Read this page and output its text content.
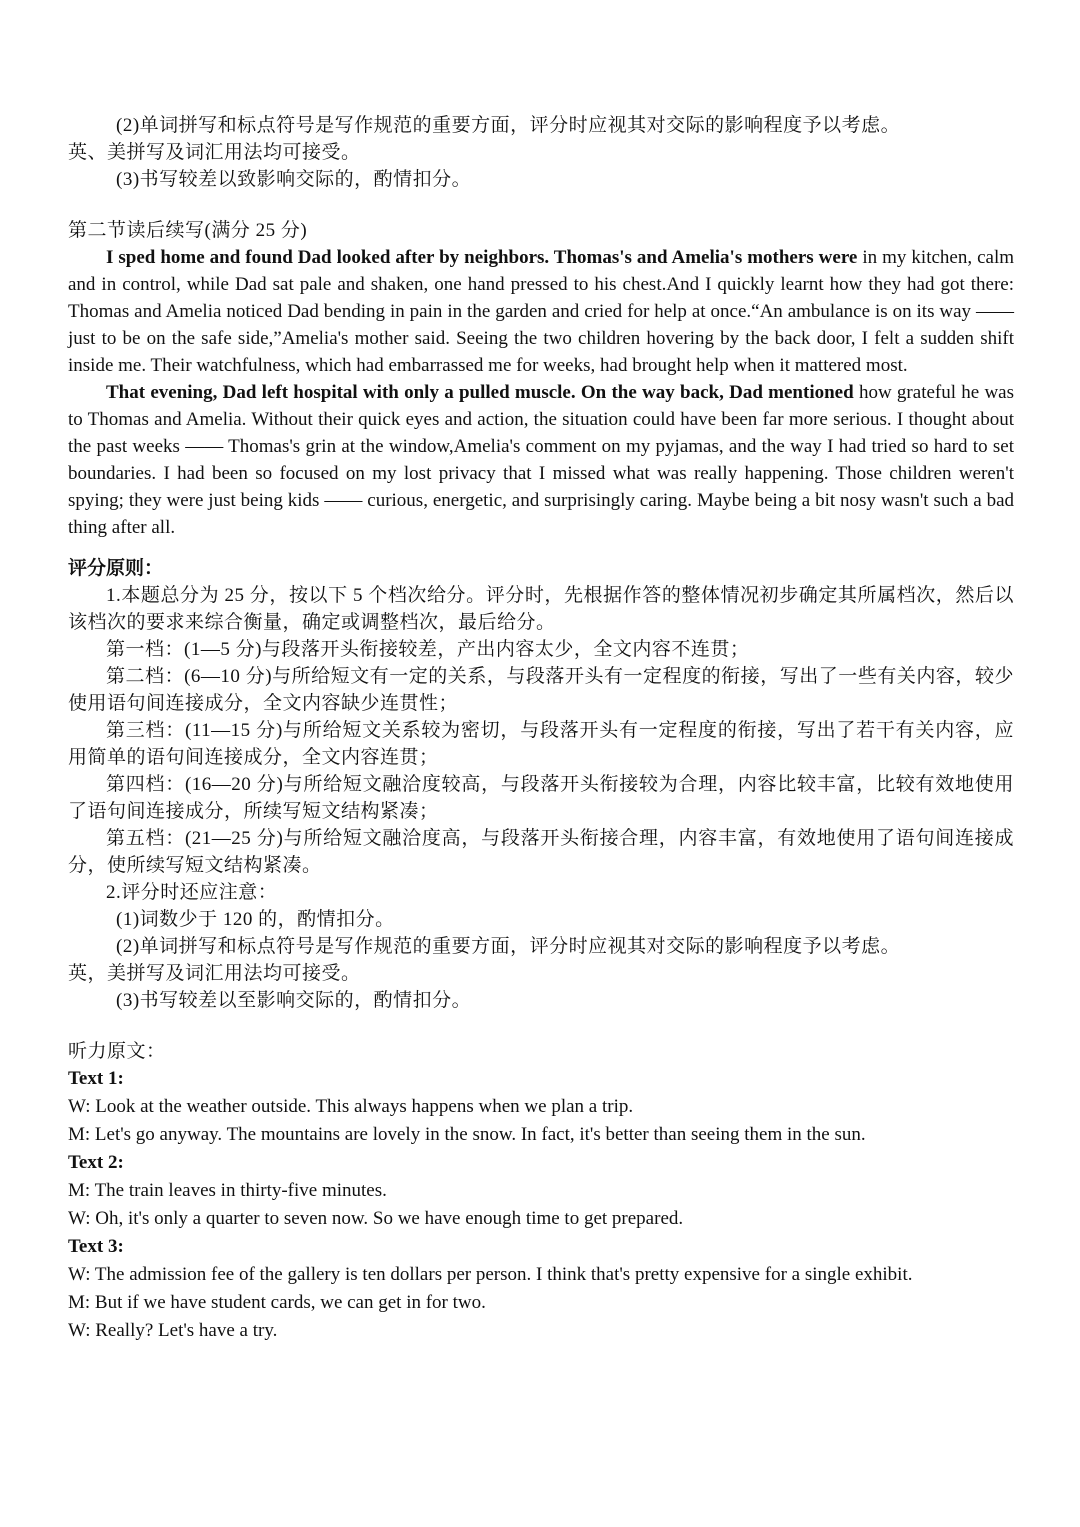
(2)单词拼写和标点符号是写作规范的重要方面，评分时应视其对交际的影响程度予以考虑。

英、美拼写及词汇用法均可接受。

(3)书写较差以致影响交际的，酌情扣分。

第二节读后续写(满分 25 分)

I sped home and found Dad looked after by neighbors. Thomas's and Amelia's mothers were in my kitchen, calm and in control, while Dad sat pale and shaken, one hand pressed to his chest.And I quickly learnt how they had got there: Thomas and Amelia noticed Dad bending in pain in the garden and cried for help at once.“An ambulance is on its way —— just to be on the safe side,”Amelia's mother said. Seeing the two children hovering by the back door, I felt a sudden shift inside me. Their watchfulness, which had embarrassed me for weeks, had brought help when it mattered most.

That evening, Dad left hospital with only a pulled muscle. On the way back, Dad mentioned how grateful he was to Thomas and Amelia. Without their quick eyes and action, the situation could have been far more serious. I thought about the past weeks —— Thomas's grin at the window,Amelia's comment on my pyjamas, and the way I had tried so hard to set boundaries. I had been so focused on my lost privacy that I missed what was really happening. Those children weren't spying; they were just being kids —— curious, energetic, and surprisingly caring. Maybe being a bit nosy wasn't such a bad thing after all.

评分原则：

1.本题总分为 25 分，按以下 5 个档次给分。评分时，先根据作答的整体情况初步确定其所属档次，然后以该档次的要求来综合衡量，确定或调整档次，最后给分。

第一档：(1—5 分)与段落开头衔接较差，产出内容太少，全文内容不连贯；

第二档：(6—10 分)与所给短文有一定的关系，与段落开头有一定程度的衔接，写出了一些有关内容，较少使用语句间连接成分，全文内容缺少连贯性；

第三档：(11—15 分)与所给短文关系较为密切，与段落开头有一定程度的衔接，写出了若干有关内容，应用简单的语句间连接成分，全文内容连贯；

第四档：(16—20 分)与所给短文融洽度较高，与段落开头衔接较为合理，内容比较丰富，比较有效地使用了语句间连接成分，所续写短文结构紧凑；

第五档：(21—25 分)与所给短文融洽度高，与段落开头衔接合理，内容丰富，有效地使用了语句间连接成分，使所续写短文结构紧凑。

2.评分时还应注意：

(1)词数少于 120 的，酌情扣分。

(2)单词拼写和标点符号是写作规范的重要方面，评分时应视其对交际的影响程度予以考虑。

英，美拼写及词汇用法均可接受。

(3)书写较差以至影响交际的，酌情扣分。

听力原文：

Text 1:

W: Look at the weather outside. This always happens when we plan a trip.

M: Let's go anyway. The mountains are lovely in the snow. In fact, it's better than seeing them in the sun.

Text 2:

M: The train leaves in thirty-five minutes.

W: Oh, it's only a quarter to seven now. So we have enough time to get prepared.

Text 3:

W: The admission fee of the gallery is ten dollars per person. I think that's pretty expensive for a single exhibit.

M: But if we have student cards, we can get in for two.

W: Really? Let's have a try.
